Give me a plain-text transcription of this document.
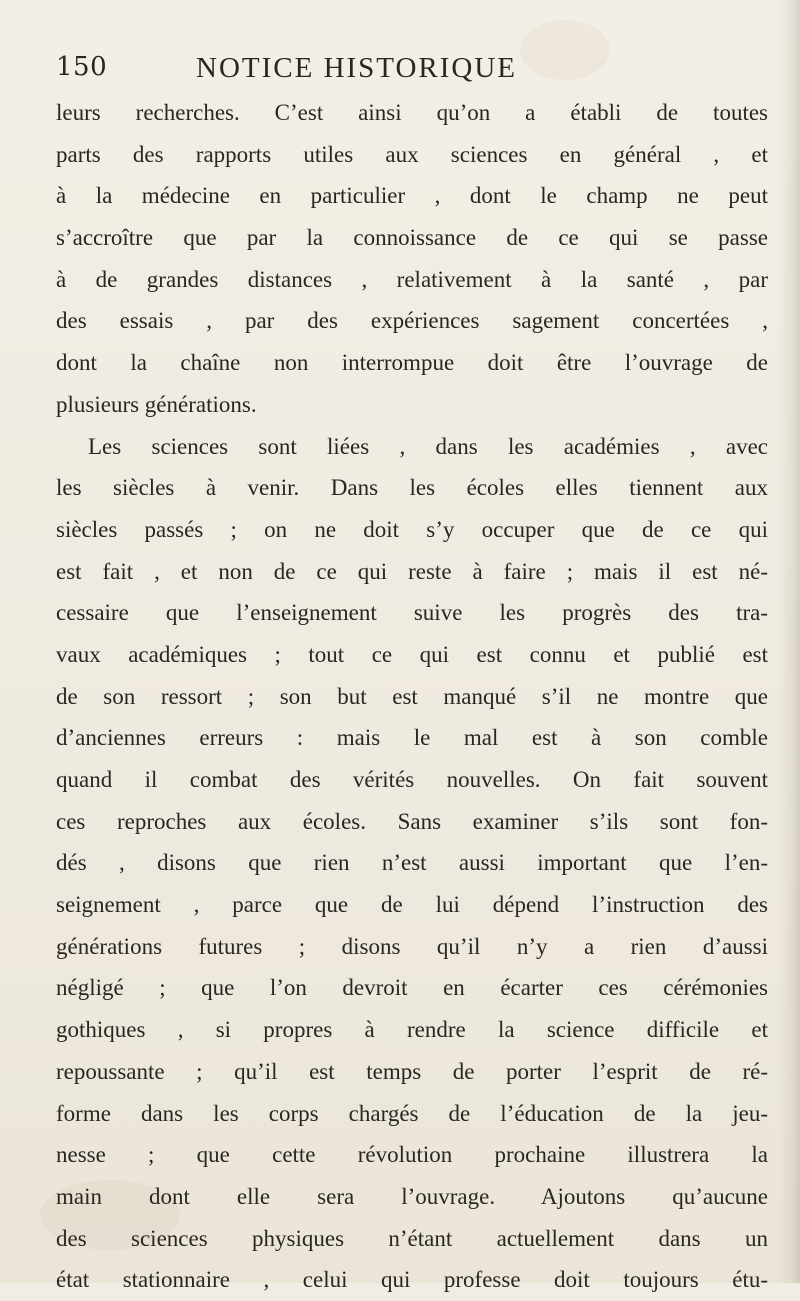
150	NOTICE HISTORIQUE
leurs recherches. C’est ainsi qu’on a établi de toutes
parts des rapports utiles aux sciences en général , et
à la médecine en particulier , dont le champ ne peut
s’accroître que par la connoissance de ce qui se passe
à de grandes distances , relativement à la santé , par
des essais , par des expériences sagement concertées ,
dont la chaîne non interrompue doit être l’ouvrage de
plusieurs générations.
Les sciences sont liées , dans les académies , avec
les siècles à venir. Dans les écoles elles tiennent aux
siècles passés ; on ne doit s’y occuper que de ce qui
est fait , et non de ce qui reste à faire ; mais il est né-
cessaire que l’enseignement suive les progrès des tra-
vaux académiques ; tout ce qui est connu et publié est
de son ressort ; son but est manqué s’il ne montre que
d’anciennes erreurs : mais le mal est à son comble
quand il combat des vérités nouvelles. On fait souvent
ces reproches aux écoles. Sans examiner s’ils sont fon-
dés , disons que rien n’est aussi important que l’en-
seignement , parce que de lui dépend l’instruction des
générations futures ; disons qu’il n’y a rien d’aussi
négligé ; que l’on devroit en écarter ces cérémonies
gothiques , si propres à rendre la science difficile et
repoussante ; qu’il est temps de porter l’esprit de ré-
forme dans les corps chargés de l’éducation de la jeu-
nesse ; que cette révolution prochaine illustrera la
main dont elle sera l’ouvrage. Ajoutons qu’aucune
des sciences physiques n’étant actuellement dans un
état stationnaire , celui qui professe doit toujours étu-
